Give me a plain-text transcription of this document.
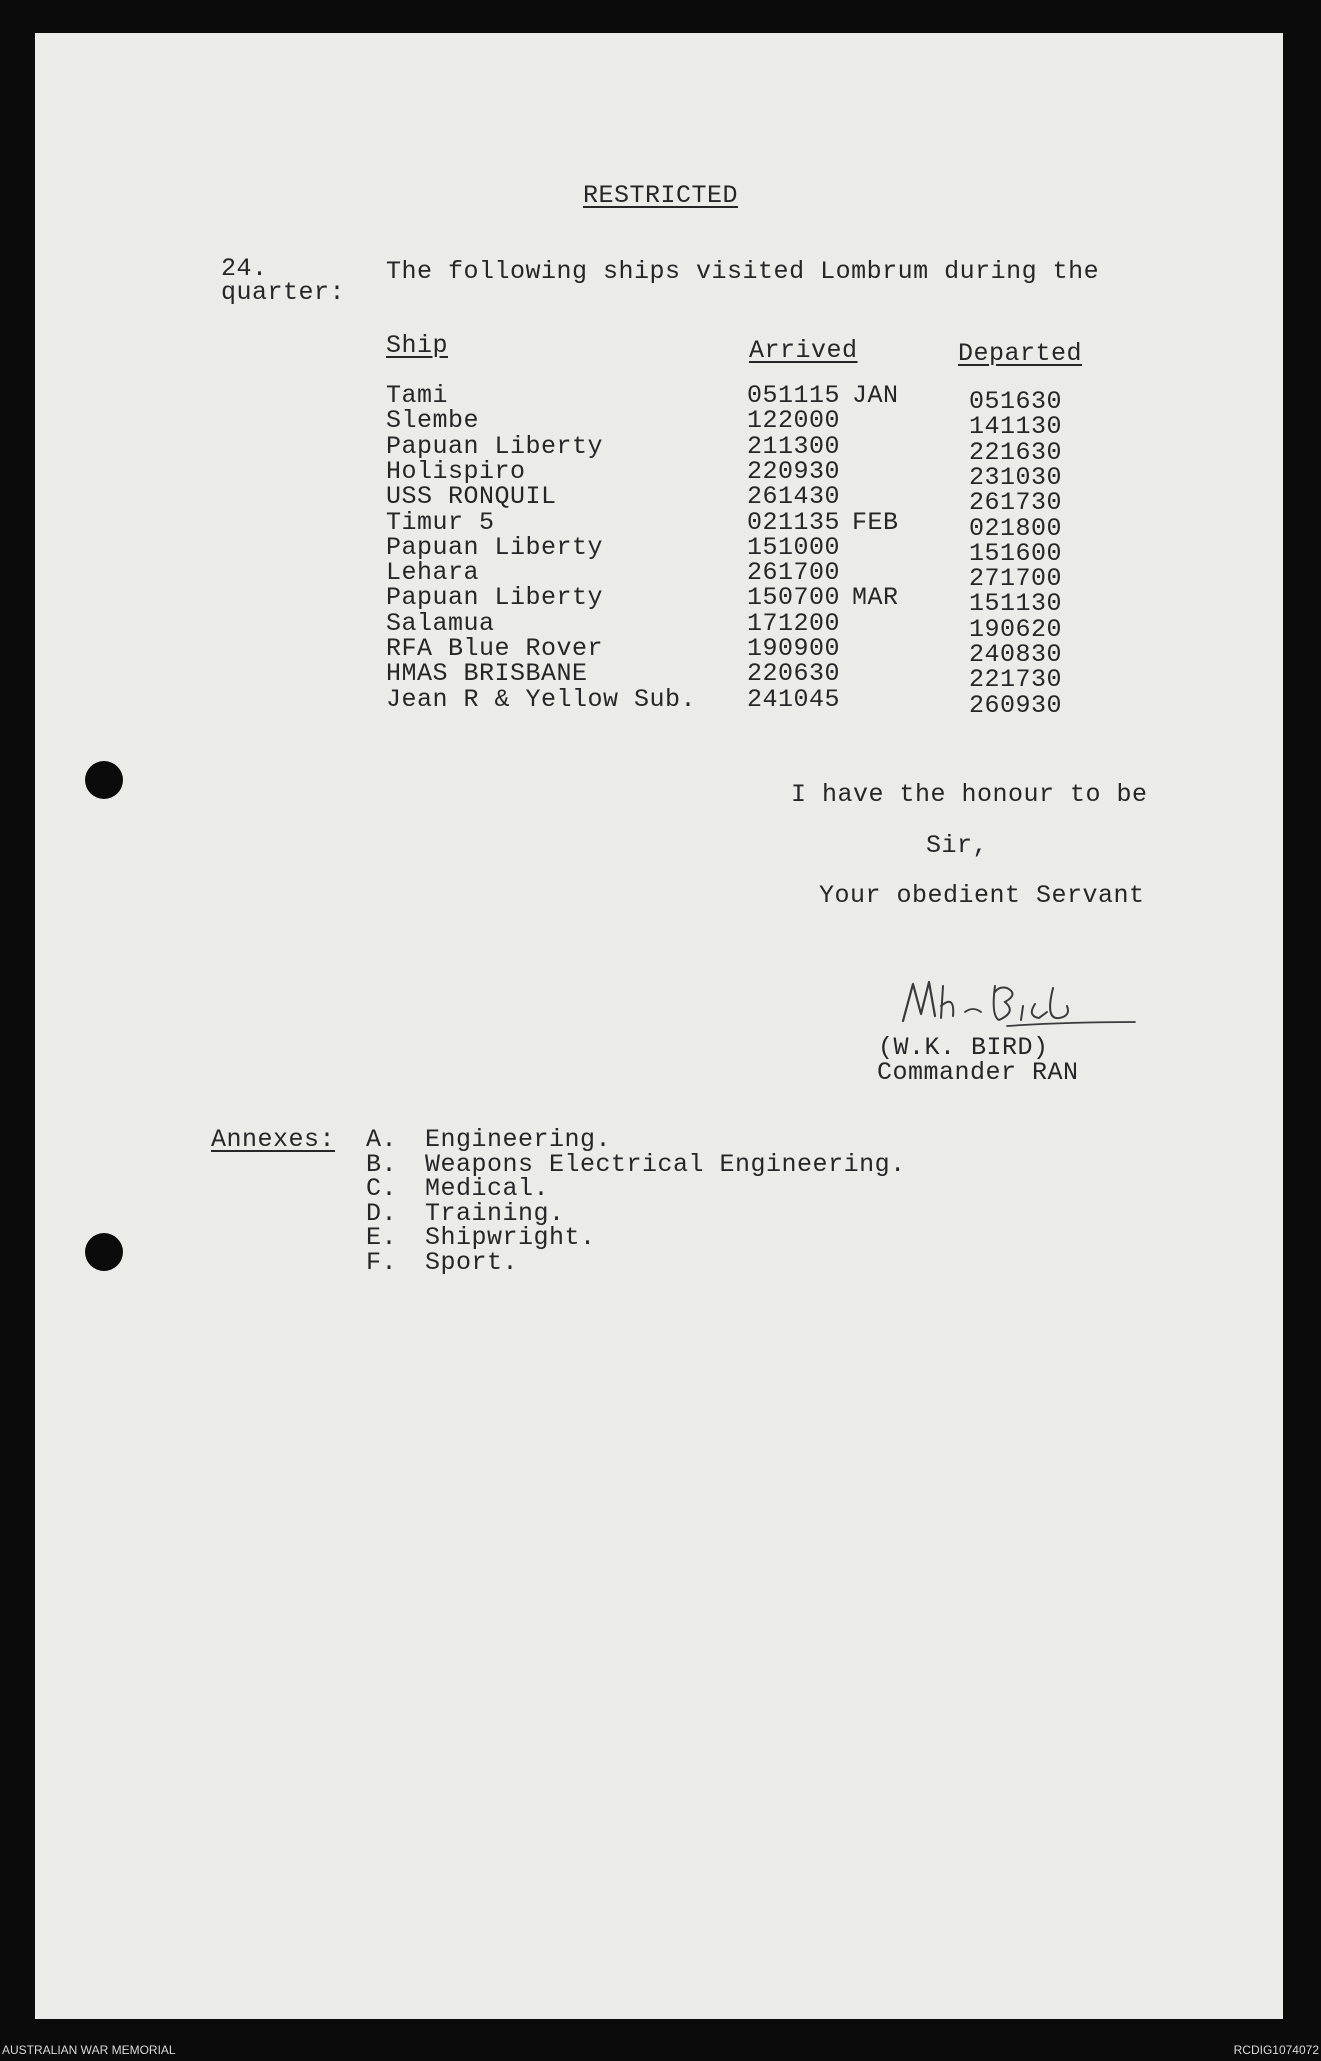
RESTRICTED
24.	The following ships visited Lombrum during the
quarter:
Ship	Arrived	Departed
Tami	051115 JAN	051630
Slembe	122000	141130
Papuan Liberty	211300	221630
Holispiro	220930	231030
USS RONQUIL	261430	261730
Timur 5	021135 FEB	021800
Papuan Liberty	151000	151600
Lehara	261700	271700
Papuan Liberty	150700 MAR	151130
Salamua	171200	190620
RFA Blue Rover	190900	240830
HMAS BRISBANE	220630	221730
Jean R & Yellow Sub. 241045	260930
I have the honour to be
Sir,
Your obedient Servant
(W.K. BIRD)
Commander RAN
Annexes: A. Engineering.
B. Weapons Electrical Engineering.
C. Medical.
D. Training.
E. Shipwright.
F. Sport.
AUSTRALIAN WAR MEMORIAL	RCDIG1074072
